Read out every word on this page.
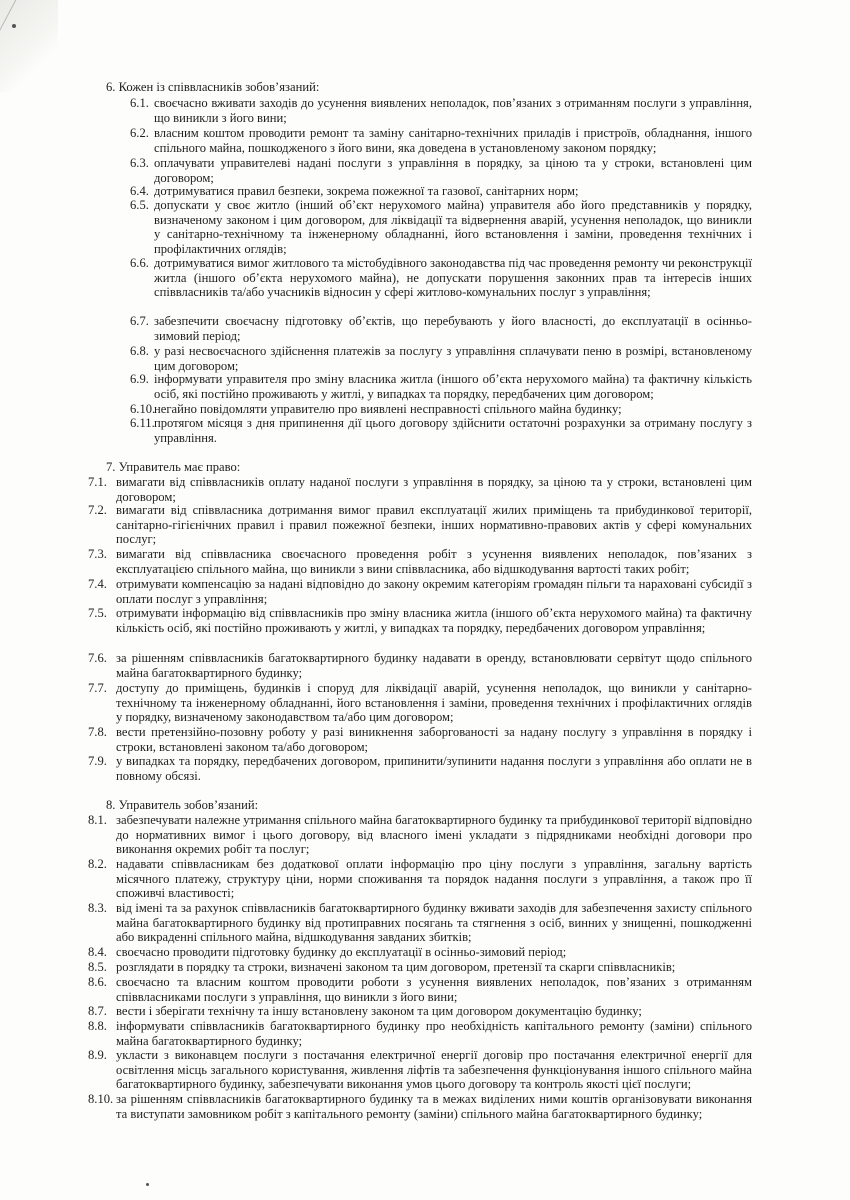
6. Кожен із співвласників зобов’язаний:
6.1. своєчасно вживати заходів до усунення виявлених неполадок, пов’язаних з отриманням послуги з управління, що виникли з його вини;
6.2. власним коштом проводити ремонт та заміну санітарно-технічних приладів і пристроїв, обладнання, іншого спільного майна, пошкодженого з його вини, яка доведена в установленому законом порядку;
6.3. оплачувати управителеві надані послуги з управління в порядку, за ціною та у строки, встановлені цим договором;
6.4. дотримуватися правил безпеки, зокрема пожежної та газової, санітарних норм;
6.5. допускати у своє житло (інший об’єкт нерухомого майна) управителя або його представників у порядку, визначеному законом і цим договором, для ліквідації та відвернення аварій, усунення неполадок, що виникли у санітарно-технічному та інженерному обладнанні, його встановлення і заміни, проведення технічних і профілактичних оглядів;
6.6. дотримуватися вимог житлового та містобудівного законодавства під час проведення ремонту чи реконструкції житла (іншого об’єкта нерухомого майна), не допускати порушення законних прав та інтересів інших співвласників та/або учасників відносин у сфері житлово-комунальних послуг з управління;
6.7. забезпечити своєчасну підготовку об’єктів, що перебувають у його власності, до експлуатації в осінньо-зимовий період;
6.8. у разі несвоєчасного здійснення платежів за послугу з управління сплачувати пеню в розмірі, встановленому цим договором;
6.9. інформувати управителя про зміну власника житла (іншого об’єкта нерухомого майна) та фактичну кількість осіб, які постійно проживають у житлі, у випадках та порядку, передбачених цим договором;
6.10.
негайно повідомляти управителю про виявлені несправності спільного майна будинку;
6.11. протягом місяця з дня припинення дії цього договору здійснити остаточні розрахунки за отриману послугу з управління.
7. Управитель має право:
7.1. вимагати від співвласників оплату наданої послуги з управління в порядку, за ціною та у строки, встановлені цим договором;
7.2. вимагати від співвласника дотримання вимог правил експлуатації жилих приміщень та прибудинкової території, санітарно-гігієнічних правил і правил пожежної безпеки, інших нормативно-правових актів у сфері комунальних послуг;
7.3. вимагати від співвласника своєчасного проведення робіт з усунення виявлених неполадок, пов’язаних з експлуатацією спільного майна, що виникли з вини співвласника, або відшкодування вартості таких робіт;
7.4. отримувати компенсацію за надані відповідно до закону окремим категоріям громадян пільги та нараховані субсидії з оплати послуг з управління;
7.5. отримувати інформацію від співвласників про зміну власника житла (іншого об’єкта нерухомого майна) та фактичну кількість осіб, які постійно проживають у житлі, у випадках та порядку, передбачених договором управління;
7.6. за рішенням співвласників багатоквартирного будинку надавати в оренду, встановлювати сервітут щодо спільного майна багатоквартирного будинку;
7.7. доступу до приміщень, будинків і споруд для ліквідації аварій, усунення неполадок, що виникли у санітарно-технічному та інженерному обладнанні, його встановлення і заміни, проведення технічних і профілактичних оглядів у порядку, визначеному законодавством та/або цим договором;
7.8. вести претензійно-позовну роботу у разі виникнення заборгованості за надану послугу з управління в порядку і строки, встановлені законом та/або договором;
7.9. у випадках та порядку, передбачених договором, припинити/зупинити надання послуги з управління або оплати не в повному обсязі.
8. Управитель зобов’язаний:
8.1. забезпечувати належне утримання спільного майна багатоквартирного будинку та прибудинкової території відповідно до нормативних вимог і цього договору, від власного імені укладати з підрядниками необхідні договори про виконання окремих робіт та послуг;
8.2. надавати співвласникам без додаткової оплати інформацію про ціну послуги з управління, загальну вартість місячного платежу, структуру ціни, норми споживання та порядок надання послуги з управління, а також про її споживчі властивості;
8.3. від імені та за рахунок співвласників багатоквартирного будинку вживати заходів для забезпечення захисту спільного майна багатоквартирного будинку від протиправних посягань та стягнення з осіб, винних у знищенні, пошкодженні або викраденні спільного майна, відшкодування завданих збитків;
8.4. своєчасно проводити підготовку будинку до експлуатації в осінньо-зимовий період;
8.5. розглядати в порядку та строки, визначені законом та цим договором, претензії та скарги співвласників;
8.6. своєчасно та власним коштом проводити роботи з усунення виявлених неполадок, пов’язаних з отриманням співвласниками послуги з управління, що виникли з його вини;
8.7. вести і зберігати технічну та іншу встановлену законом та цим договором документацію будинку;
8.8. інформувати співвласників багатоквартирного будинку про необхідність капітального ремонту (заміни) спільного майна багатоквартирного будинку;
8.9. укласти з виконавцем послуги з постачання електричної енергії договір про постачання електричної енергії для освітлення місць загального користування, живлення ліфтів та забезпечення функціонування іншого спільного майна багатоквартирного будинку, забезпечувати виконання умов цього договору та контроль якості цієї послуги;
8.10. за рішенням співвласників багатоквартирного будинку та в межах виділених ними коштів організовувати виконання та виступати замовником робіт з капітального ремонту (заміни) спільного майна багатоквартирного будинку;
